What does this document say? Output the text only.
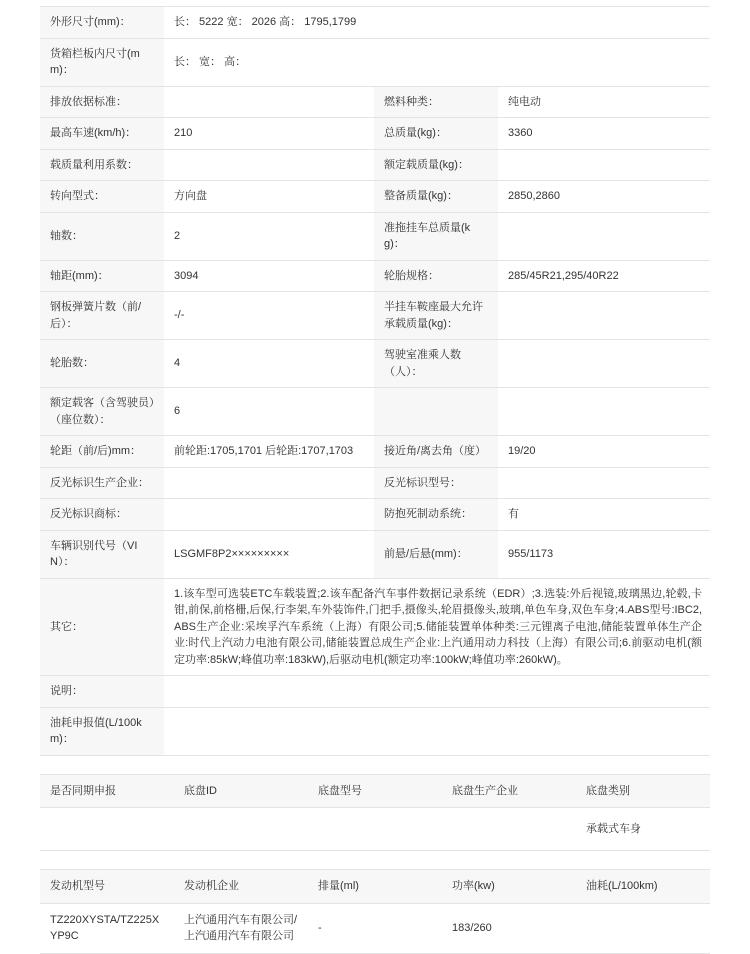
外形尺寸(mm)：	长： 5222 宽： 2026 高： 1795,1799		
货箱栏板内尺寸(mm)：	长： 宽： 高：		
排放依据标准：		燃料种类：	纯电动
最高车速(km/h)：	210	总质量(kg)：	3360
载质量利用系数：		额定载质量(kg)：	
转向型式：	方向盘	整备质量(kg)：	2850,2860
轴数：	2	准拖挂车总质量(kg)：	
轴距(mm)：	3094	轮胎规格：	285/45R21,295/40R22
钢板弹簧片数（前/后）：	-/-	半挂车鞍座最大允许承载质量(kg)：	
轮胎数：	4	驾驶室准乘人数（人）：	
额定载客（含驾驶员）（座位数）：	6		
轮距（前/后)mm：	前轮距:1705,1701 后轮距:1707,1703	接近角/离去角（度）	19/20
反光标识生产企业：		反光标识型号：	
反光标识商标：		防抱死制动系统：	有
车辆识别代号（VIN）：	LSGMF8P2×××××××××	前悬/后悬(mm)：	955/1173
其它：	1.该车型可选装ETC车载装置;2.该车配备汽车事件数据记录系统（EDR）;3.选装:外后视镜,玻璃黑边,轮毂,卡钳,前保,前格栅,后保,行李架,车外装饰件,门把手,摄像头,轮眉摄像头,玻璃,单色车身,双色车身;4.ABS型号:IBC2,ABS生产企业:采埃孚汽车系统（上海）有限公司;5.储能装置单体种类:三元锂离子电池,储能装置单体生产企业:时代上汽动力电池有限公司,储能装置总成生产企业:上汽通用动力科技（上海）有限公司;6.前驱动电机(额定功率:85kW;峰值功率:183kW),后驱动电机(额定功率:100kW;峰值功率:260kW)。		
说明：			
油耗申报值(L/100km)：			
是否同期申报	底盘ID	底盘型号	底盘生产企业	底盘类别
				承载式车身
发动机型号	发动机企业	排量(ml)	功率(kw)	油耗(L/100km)
TZ220XYSTA/TZ225XYP9C	上汽通用汽车有限公司/上汽通用汽车有限公司	-	183/260	
